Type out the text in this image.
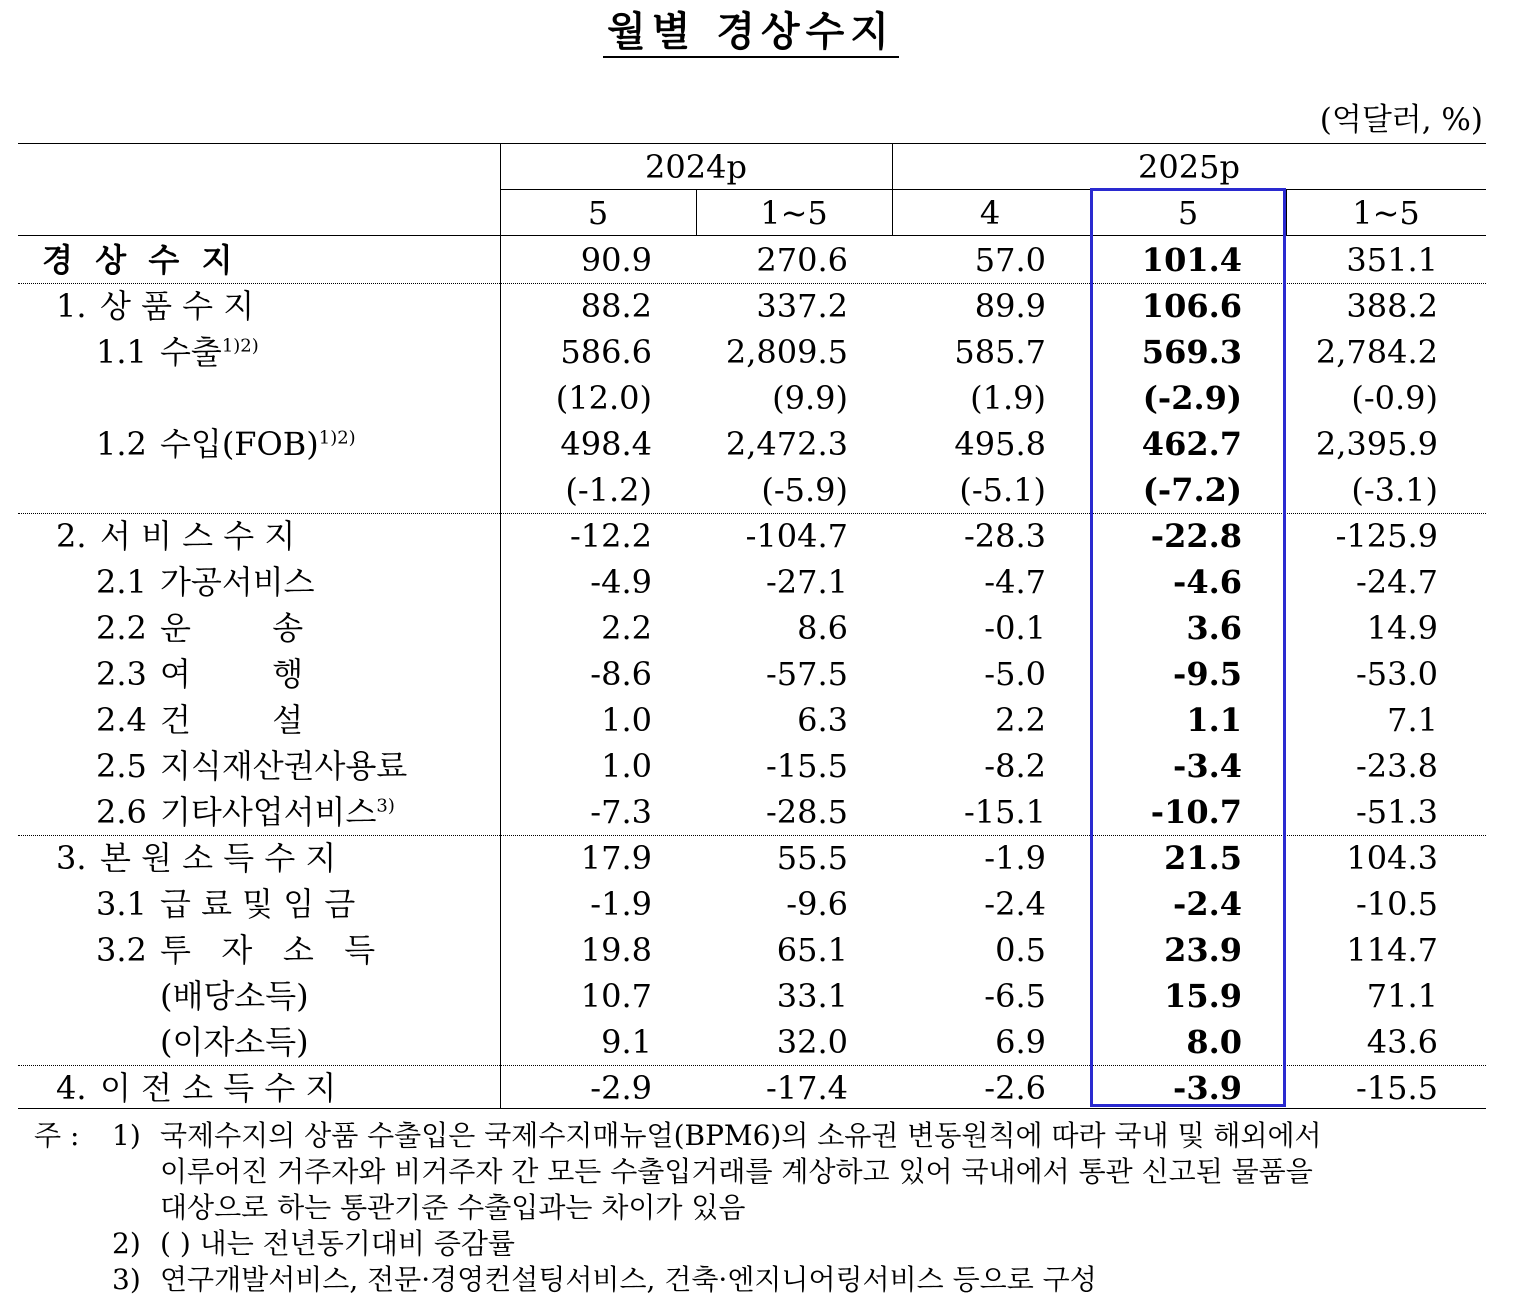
월별 경상수지
(억달러, %)
2024p	2025p
5	1~5	4	5	1~5
경  상  수  지	90.9	270.6	57.0	101.4	351.1
1. 상 품 수 지	88.2	337.2	89.9	106.6	388.2
1.1 수출$^{1)2)}$	586.6	2,809.5	585.7	569.3	2,784.2
(12.0)	(9.9)	(1.9)	(-2.9)	(-0.9)
1.2 수입(FOB)$^{1)2)}$	498.4	2,472.3	495.8	462.7	2,395.9
(-1.2)	(-5.9)	(-5.1)	(-7.2)	(-3.1)
2. 서 비 스 수 지	-12.2	-104.7	-28.3	-22.8	-125.9
2.1 가공서비스	-4.9	-27.1	-4.7	-4.6	-24.7
2.2 운        송	2.2	8.6	-0.1	3.6	14.9
2.3 여        행	-8.6	-57.5	-5.0	-9.5	-53.0
2.4 건        설	1.0	6.3	2.2	1.1	7.1
2.5 지식재산권사용료	1.0	-15.5	-8.2	-3.4	-23.8
2.6 기타사업서비스$^{3)}$	-7.3	-28.5	-15.1	-10.7	-51.3
3. 본 원 소 득 수 지	17.9	55.5	-1.9	21.5	104.3
3.1 급 료 및 임 금	-1.9	-9.6	-2.4	-2.4	-10.5
3.2 투   자   소   득	19.8	65.1	0.5	23.9	114.7
(배당소득)	10.7	33.1	-6.5	15.9	71.1
(이자소득)	9.1	32.0	6.9	8.0	43.6
4. 이 전 소 득 수 지	-2.9	-17.4	-2.6	-3.9	-15.5
주 : 1) 국제수지의 상품 수출입은 국제수지매뉴얼(BPM6)의 소유권 변동원칙에 따라 국내 및 해외에서
이루어진 거주자와 비거주자 간 모든 수출입거래를 계상하고 있어 국내에서 통관 신고된 물품을
대상으로 하는 통관기준 수출입과는 차이가 있음
2) ( ) 내는 전년동기대비 증감률
3) 연구개발서비스, 전문·경영컨설팅서비스, 건축·엔지니어링서비스 등으로 구성
